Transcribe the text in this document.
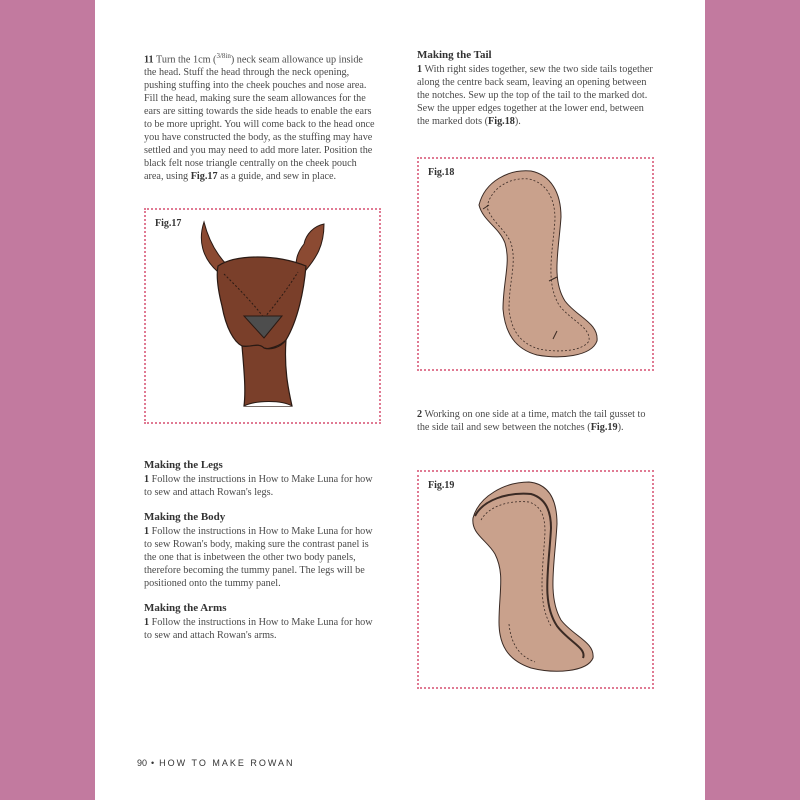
11 Turn the 1cm ($^{3/8in}$) neck seam allowance up inside the head. Stuff the head through the neck opening, pushing stuffing into the cheek pouches and nose area. Fill the head, making sure the seam allowances for the ears are sitting towards the side heads to enable the ears to be more upright. You will come back to the head once you have constructed the body, as the stuffing may have settled and you may need to add more later. Position the black felt nose triangle centrally on the cheek pouch area, using Fig.17 as a guide, and sew in place.

Fig.17
Making the Legs

1 Follow the instructions in How to Make Luna for how to sew and attach Rowan's legs.

Making the Body

1 Follow the instructions in How to Make Luna for how to sew Rowan's body, making sure the contrast panel is the one that is inbetween the other two body panels, therefore becoming the tummy panel. The legs will be positioned onto the tummy panel.

Making the Arms

1 Follow the instructions in How to Make Luna for how to sew and attach Rowan's arms.

Making the Tail

1 With right sides together, sew the two side tails together along the centre back seam, leaving an opening between the notches. Sew up the top of the tail to the marked dot. Sew the upper edges together at the lower end, between the marked dots (Fig.18).

Fig.18

2 Working on one side at a time, match the tail gusset to the side tail and sew between the notches (Fig.19).

Fig.19
90 • HOW TO MAKE ROWAN
